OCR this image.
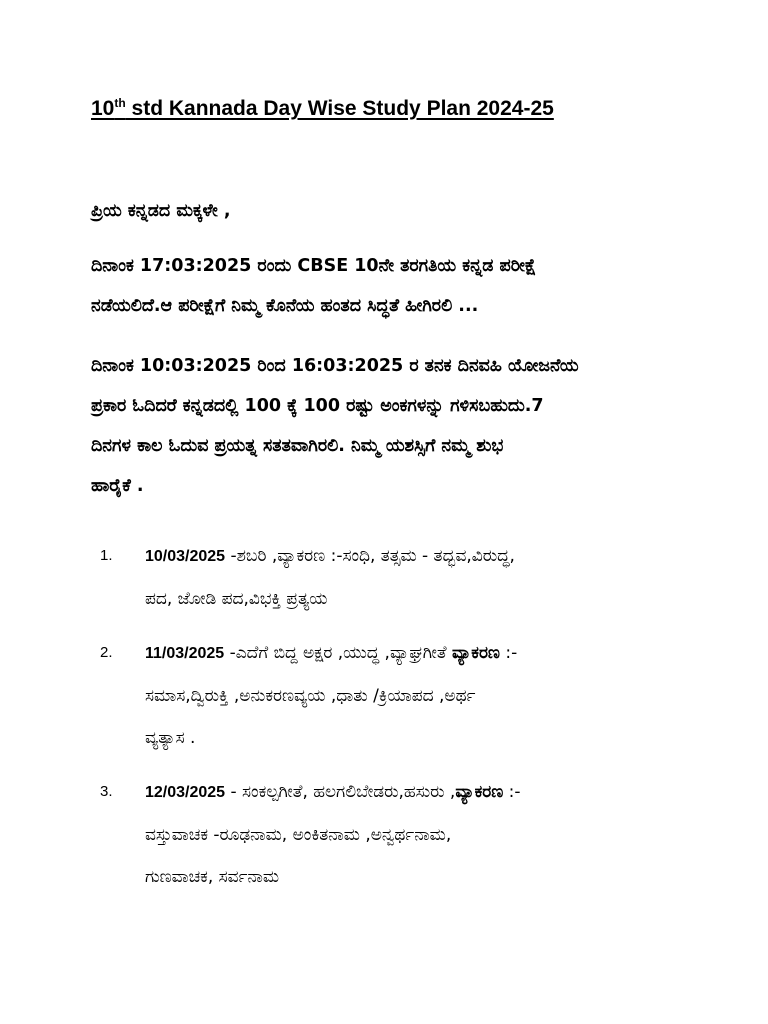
10th std Kannada Day Wise Study Plan 2024-25

ಪ್ರಿಯ ಕನ್ನಡದ ಮಕ್ಕಳೇ ,

ದಿನಾಂಕ 17:03:2025 ರಂದು CBSE 10ನೇ ತರಗತಿಯ ಕನ್ನಡ ಪರೀಕ್ಷೆ
ನಡೆಯಲಿದೆ.ಆ ಪರೀಕ್ಷೆಗೆ ನಿಮ್ಮ ಕೊನೆಯ ಹಂತದ ಸಿದ್ಧತೆ ಹೀಗಿರಲಿ ...

ದಿನಾಂಕ 10:03:2025 ರಿಂದ 16:03:2025 ರ ತನಕ ದಿನವಹಿ ಯೋಜನೆಯ
ಪ್ರಕಾರ ಓದಿದರೆ ಕನ್ನಡದಲ್ಲಿ 100 ಕ್ಕೆ 100 ರಷ್ಟು ಅಂಕಗಳನ್ನು ಗಳಿಸಬಹುದು.7
ದಿನಗಳ ಕಾಲ ಓದುವ ಪ್ರಯತ್ನ ಸತತವಾಗಿರಲಿ. ನಿಮ್ಮ ಯಶಸ್ಸಿಗೆ ನಮ್ಮ ಶುಭ
ಹಾರೈಕೆ .

1. 10/03/2025 -ಶಬರಿ ,ವ್ಯಾಕರಣ :-ಸಂಧಿ, ತತ್ಸಮ - ತದ್ಭವ,ವಿರುದ್ಧ,
ಪದ, ಜೋಡಿ ಪದ,ವಿಭಕ್ತಿ ಪ್ರತ್ಯಯ
2. 11/03/2025 -ಎದೆಗೆ ಬಿದ್ದ ಅಕ್ಷರ ,ಯುದ್ಧ ,ವ್ಯಾಘ್ರಗೀತೆ ವ್ಯಾಕರಣ :-
ಸಮಾಸ,ದ್ವಿರುಕ್ತಿ ,ಅನುಕರಣವ್ಯಯ ,ಧಾತು /ಕ್ರಿಯಾಪದ ,ಅರ್ಥ
ವ್ಯತ್ಯಾಸ .
3. 12/03/2025 - ಸಂಕಲ್ಪಗೀತೆ, ಹಲಗಲಿಬೇಡರು,ಹಸುರು ,ವ್ಯಾಕರಣ :-
ವಸ್ತುವಾಚಕ -ರೂಢನಾಮ, ಅಂಕಿತನಾಮ ,ಅನ್ವರ್ಥನಾಮ,
ಗುಣವಾಚಕ, ಸರ್ವನಾಮ
